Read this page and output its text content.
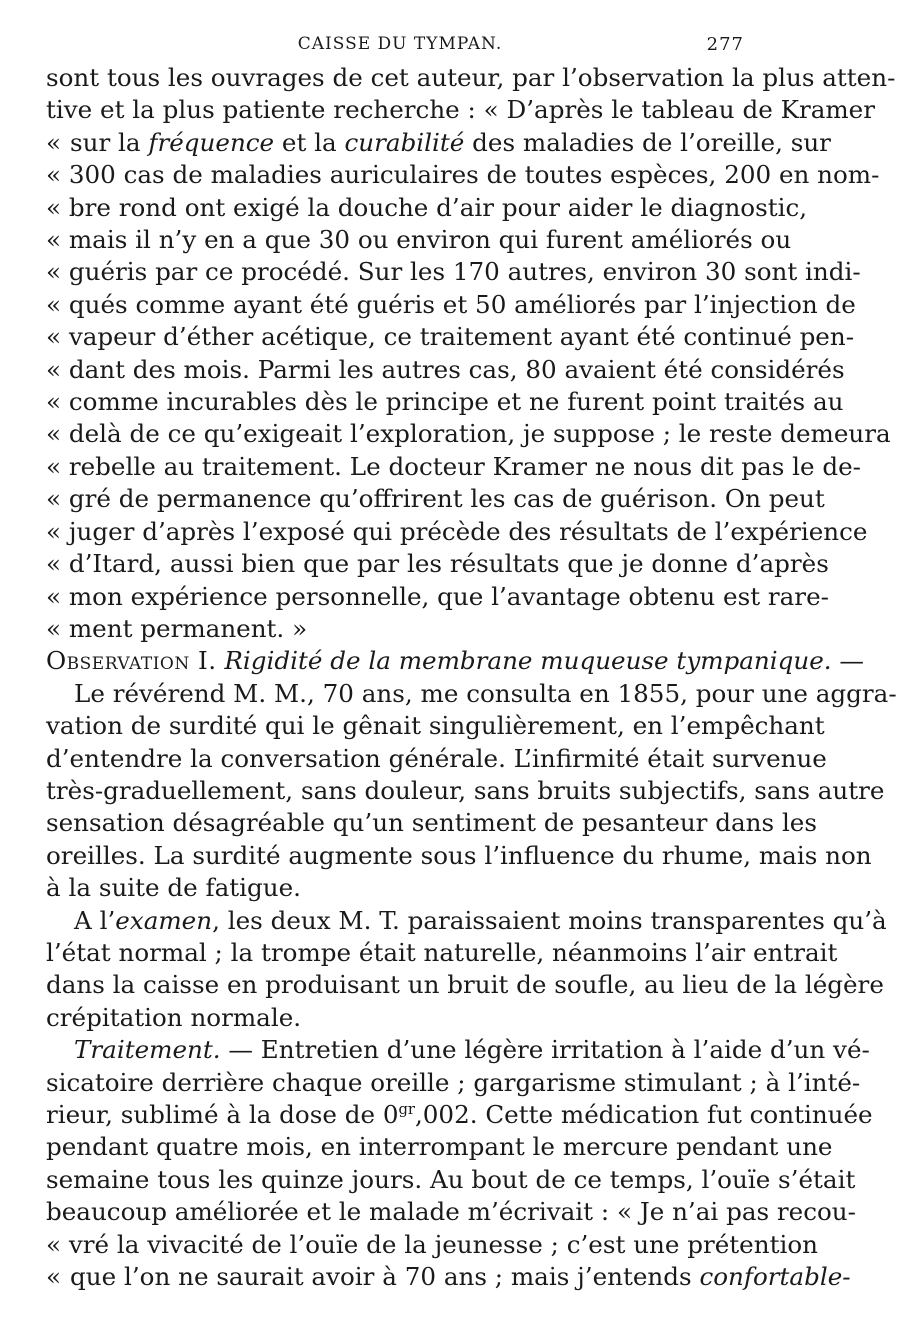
CAISSE DU TYMPAN.	277
sont tous les ouvrages de cet auteur, par l’observation la plus atten-
tive et la plus patiente recherche : « D’après le tableau de Kramer
« sur la fréquence et la curabilité des maladies de l’oreille, sur
« 300 cas de maladies auriculaires de toutes espèces, 200 en nom-
« bre rond ont exigé la douche d’air pour aider le diagnostic,
« mais il n’y en a que 30 ou environ qui furent améliorés ou
« guéris par ce procédé. Sur les 170 autres, environ 30 sont indi-
« qués comme ayant été guéris et 50 améliorés par l’injection de
« vapeur d’éther acétique, ce traitement ayant été continué pen-
« dant des mois. Parmi les autres cas, 80 avaient été considérés
« comme incurables dès le principe et ne furent point traités au
« delà de ce qu’exigeait l’exploration, je suppose ; le reste demeura
« rebelle au traitement. Le docteur Kramer ne nous dit pas le de-
« gré de permanence qu’offrirent les cas de guérison. On peut
« juger d’après l’exposé qui précède des résultats de l’expérience
« d’Itard, aussi bien que par les résultats que je donne d’après
« mon expérience personnelle, que l’avantage obtenu est rare-
« ment permanent. »
Observation I. Rigidité de la membrane muqueuse tympanique. —
Le révérend M. M., 70 ans, me consulta en 1855, pour une aggra-
vation de surdité qui le gênait singulièrement, en l’empêchant
d’entendre la conversation générale. L’infirmité était survenue
très-graduellement, sans douleur, sans bruits subjectifs, sans autre
sensation désagréable qu’un sentiment de pesanteur dans les
oreilles. La surdité augmente sous l’influence du rhume, mais non
à la suite de fatigue.
A l’examen, les deux M. T. paraissaient moins transparentes qu’à
l’état normal ; la trompe était naturelle, néanmoins l’air entrait
dans la caisse en produisant un bruit de soufle, au lieu de la légère
crépitation normale.
Traitement. — Entretien d’une légère irritation à l’aide d’un vé-
sicatoire derrière chaque oreille ; gargarisme stimulant ; à l’inté-
rieur, sublimé à la dose de $0^{gr},002$. Cette médication fut continuée
pendant quatre mois, en interrompant le mercure pendant une
semaine tous les quinze jours. Au bout de ce temps, l’ouïe s’était
beaucoup améliorée et le malade m’écrivait : « Je n’ai pas recou-
« vré la vivacité de l’ouïe de la jeunesse ; c’est une prétention
« que l’on ne saurait avoir à 70 ans ; mais j’entends confortable-
